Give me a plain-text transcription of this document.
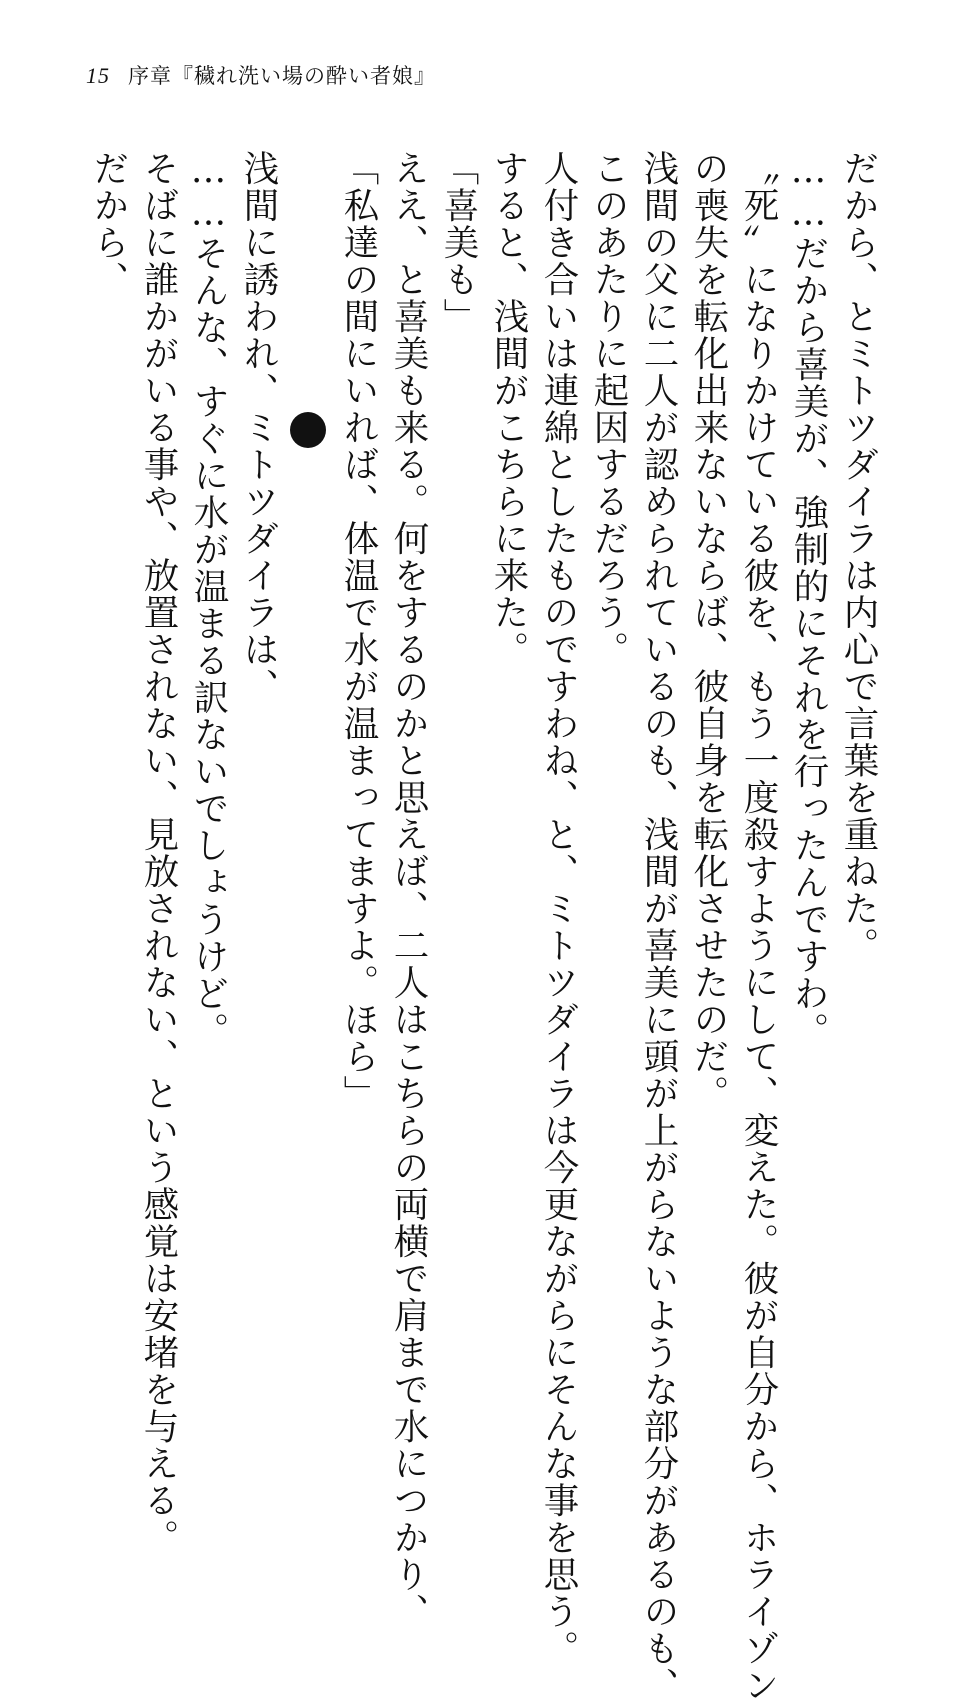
15 序章『穢れ洗い場の酔い者娘』
だから、とミトツダイラは内心で言葉を重ねた。
……だから喜美が、強制的にそれを行ったんですわ。
〝死〟になりかけている彼を、もう一度殺すようにして、変えた。彼が自分から、ホライゾン
の喪失を転化出来ないならば、彼自身を転化させたのだ。
浅間の父に二人が認められているのも、浅間が喜美に頭が上がらないような部分があるのも、
このあたりに起因するだろう。
人付き合いは連綿としたものですわね、と、ミトツダイラは今更ながらにそんな事を思う。
すると、浅間がこちらに来た。
「喜美も」
ええ、と喜美も来る。何をするのかと思えば、二人はこちらの両横で肩まで水につかり、
「私達の間にいれば、体温で水が温まってますよ。ほら」
浅間に誘われ、ミトツダイラは、
……そんな、すぐに水が温まる訳ないでしょうけど。
そばに誰かがいる事や、放置されない、見放されない、という感覚は安堵を与える。
だから、
